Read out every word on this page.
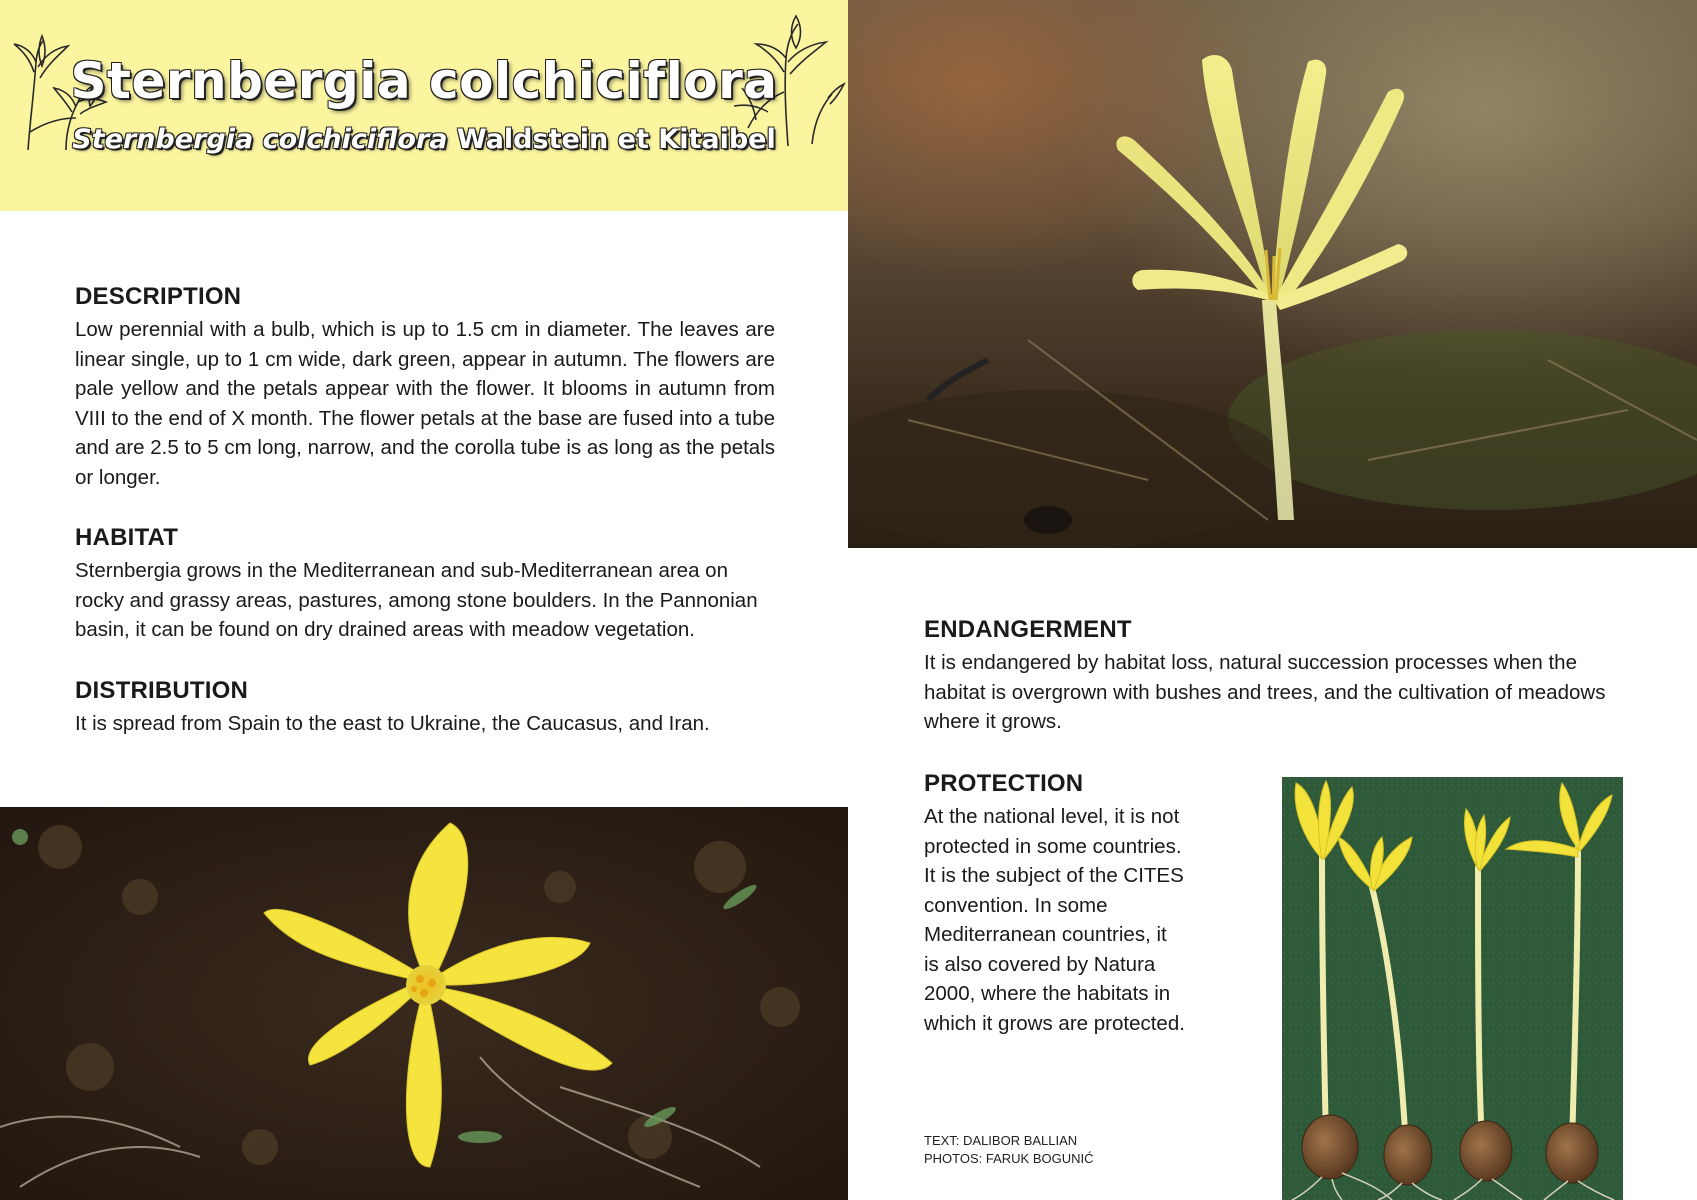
Sternbergia colchiciflora
Sternbergia colchiciflora Waldstein et Kitaibel
DESCRIPTION

Low perennial with a bulb, which is up to 1.5 cm in diameter. The leaves are linear single, up to 1 cm wide, dark green, appear in autumn. The flowers are pale yellow and the petals appear with the flower. It blooms in autumn from VIII to the end of X month. The flower petals at the base are fused into a tube and are 2.5 to 5 cm long, narrow, and the corolla tube is as long as the petals or longer.

HABITAT

Sternbergia grows in the Mediterranean and sub-Mediterranean area on rocky and grassy areas, pastures, among stone boulders. In the Pannonian basin, it can be found on dry drained areas with meadow vegetation.

DISTRIBUTION

It is spread from Spain to the east to Ukraine, the Caucasus, and Iran.

ENDANGERMENT

It is endangered by habitat loss, natural succession processes when the habitat is overgrown with bushes and trees, and the cultivation of meadows where it grows.

PROTECTION

At the national level, it is not protected in some countries. It is the subject of the CITES convention. In some Mediterranean countries, it is also covered by Natura 2000, where the habitats in which it grows are protected.

TEXT: DALIBOR BALLIAN
PHOTOS: FARUK BOGUNIĆ
